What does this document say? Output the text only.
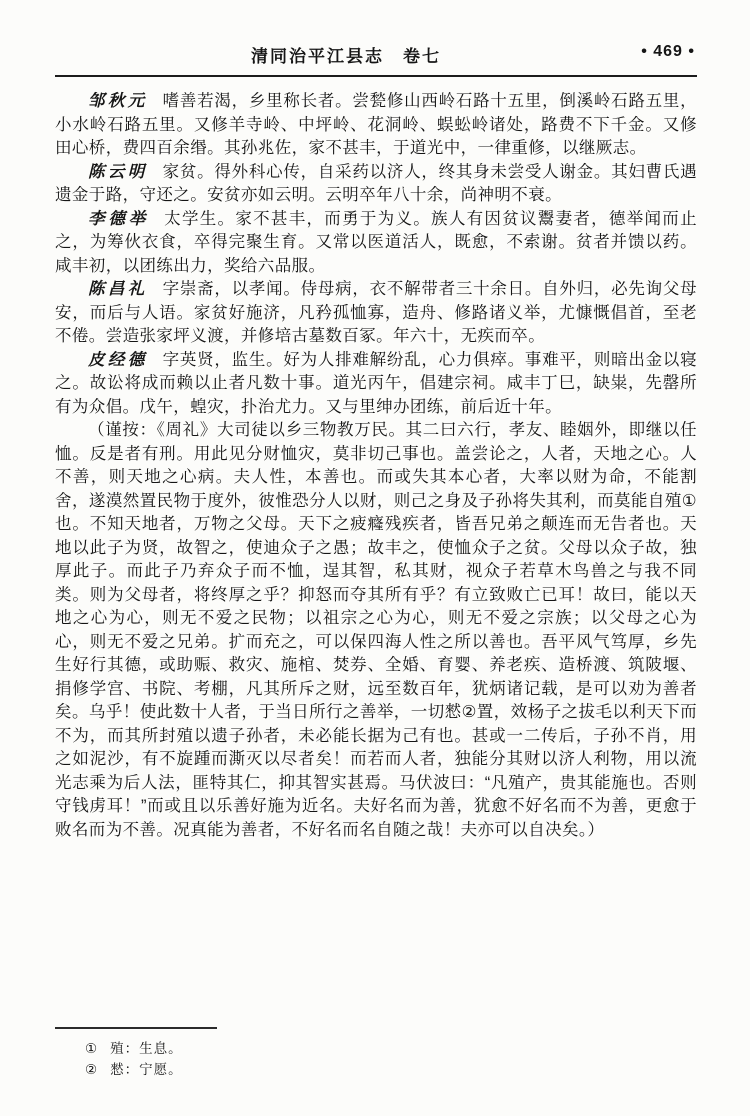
清同治平江县志　卷七	• 469 •

邹秋元 嗜善若渴，乡里称长者。尝甃修山西岭石路十五里，倒溪岭石路五里，小水岭石路五里。又修羊寺岭、中坪岭、花洞岭、蜈蚣岭诸处，路费不下千金。又修田心桥，费四百余缗。其孙兆佐，家不甚丰，于道光中，一律重修，以继厥志。

陈云明 家贫。得外科心传，自采药以济人，终其身未尝受人谢金。其妇曹氏遇遗金于路，守还之。安贫亦如云明。云明卒年八十余，尚神明不衰。

李德举 太学生。家不甚丰，而勇于为义。族人有因贫议鬻妻者，德举闻而止之，为筹伙衣食，卒得完聚生育。又常以医道活人，既愈，不索谢。贫者并馈以药。咸丰初，以团练出力，奖给六品服。

陈昌礼 字崇斋，以孝闻。侍母病，衣不解带者三十余日。自外归，必先询父母安，而后与人语。家贫好施济，凡矜孤恤寡，造舟、修路诸义举，尤慷慨倡首，至老不倦。尝造张家坪义渡，并修培古墓数百冢。年六十，无疾而卒。

皮经德 字英贤，监生。好为人排难解纷乱，心力俱瘁。事难平，则暗出金以寝之。故讼将成而赖以止者凡数十事。道光丙午，倡建宗祠。咸丰丁巳，缺粜，先罄所有为众倡。戊午，蝗灾，扑治尤力。又与里绅办团练，前后近十年。

（谨按：《周礼》大司徒以乡三物教万民。其二曰六行，孝友、睦姻外，即继以任恤。反是者有刑。用此见分财恤灾，莫非切己事也。盖尝论之，人者，天地之心。人不善，则天地之心病。夫人性，本善也。而或失其本心者，大率以财为命，不能割舍，遂漠然置民物于度外，彼惟恐分人以财，则己之身及子孙将失其利，而莫能自殖①也。不知天地者，万物之父母。天下之疲癃残疾者，皆吾兄弟之颠连而无告者也。天地以此子为贤，故智之，使迪众子之愚；故丰之，使恤众子之贫。父母以众子故，独厚此子。而此子乃弃众子而不恤，逞其智，私其财，视众子若草木鸟兽之与我不同类。则为父母者，将终厚之乎？抑怒而夺其所有乎？有立致败亡已耳！故曰，能以天地之心为心，则无不爱之民物；以祖宗之心为心，则无不爱之宗族；以父母之心为心，则无不爱之兄弟。扩而充之，可以保四海人性之所以善也。吾平风气笃厚，乡先生好行其德，或助赈、救灾、施棺、焚券、全婚、育婴、养老疾、造桥渡、筑陂堰、捐修学宫、书院、考棚，凡其所斥之财，远至数百年，犹炳诸记载，是可以劝为善者矣。乌乎！使此数十人者，于当日所行之善举，一切憖②置，效杨子之拔毛以利天下而不为，而其所封殖以遗子孙者，未必能长据为己有也。甚或一二传后，子孙不肖，用之如泥沙，有不旋踵而澌灭以尽者矣！而若而人者，独能分其财以济人利物，用以流光志乘为后人法，匪特其仁，抑其智实甚焉。马伏波曰：“凡殖产，贵其能施也。否则守钱虏耳！”而或且以乐善好施为近名。夫好名而为善，犹愈不好名而不为善，更愈于败名而为不善。况真能为善者，不好名而名自随之哉！夫亦可以自决矣。）

① 殖：生息。
② 憖：宁愿。
